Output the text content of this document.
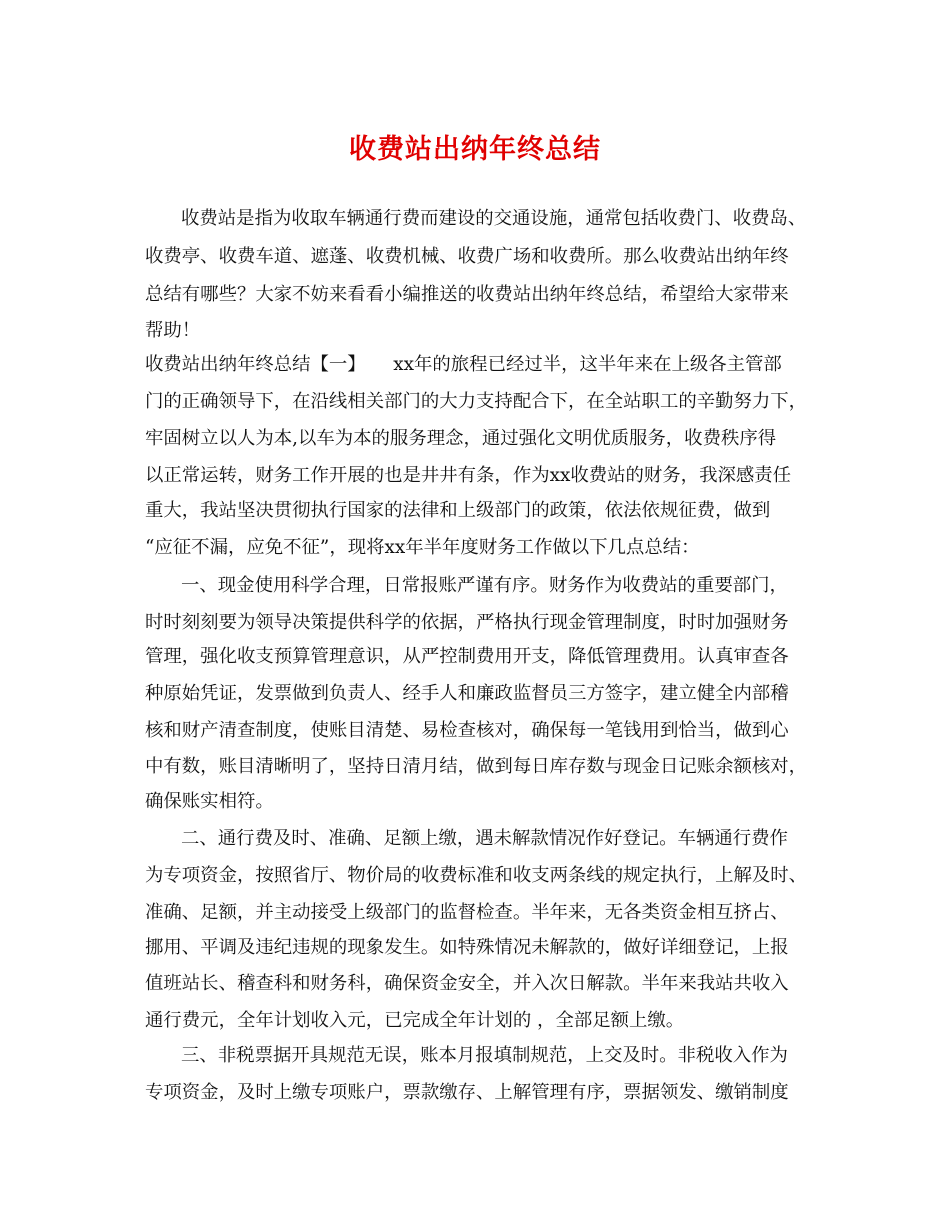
收费站出纳年终总结
收费站是指为收取车辆通行费而建设的交通设施，通常包括收费门、收费岛、
收费亭、收费车道、遮蓬、收费机械、收费广场和收费所。那么收费站出纳年终
总结有哪些？大家不妨来看看小编推送的收费站出纳年终总结，希望给大家带来
帮助！
收费站出纳年终总结【一】　　xx年的旅程已经过半，这半年来在上级各主管部
门的正确领导下，在沿线相关部门的大力支持配合下，在全站职工的辛勤努力下，
牢固树立以人为本,以车为本的服务理念，通过强化文明优质服务，收费秩序得
以正常运转，财务工作开展的也是井井有条，作为xx收费站的财务，我深感责任
重大，我站坚决贯彻执行国家的法律和上级部门的政策，依法依规征费，做到
“应征不漏，应免不征”，现将xx年半年度财务工作做以下几点总结：
一、现金使用科学合理，日常报账严谨有序。财务作为收费站的重要部门，
时时刻刻要为领导决策提供科学的依据，严格执行现金管理制度，时时加强财务
管理，强化收支预算管理意识，从严控制费用开支，降低管理费用。认真审查各
种原始凭证，发票做到负责人、经手人和廉政监督员三方签字，建立健全内部稽
核和财产清查制度，使账目清楚、易检查核对，确保每一笔钱用到恰当，做到心
中有数，账目清晰明了，坚持日清月结，做到每日库存数与现金日记账余额核对，
确保账实相符。
二、通行费及时、准确、足额上缴，遇未解款情况作好登记。车辆通行费作
为专项资金，按照省厅、物价局的收费标准和收支两条线的规定执行，上解及时、
准确、足额，并主动接受上级部门的监督检查。半年来，无各类资金相互挤占、
挪用、平调及违纪违规的现象发生。如特殊情况未解款的，做好详细登记，上报
值班站长、稽查科和财务科，确保资金安全，并入次日解款。半年来我站共收入
通行费元，全年计划收入元，已完成全年计划的 ，全部足额上缴。
三、非税票据开具规范无误，账本月报填制规范，上交及时。非税收入作为
专项资金，及时上缴专项账户，票款缴存、上解管理有序，票据领发、缴销制度
